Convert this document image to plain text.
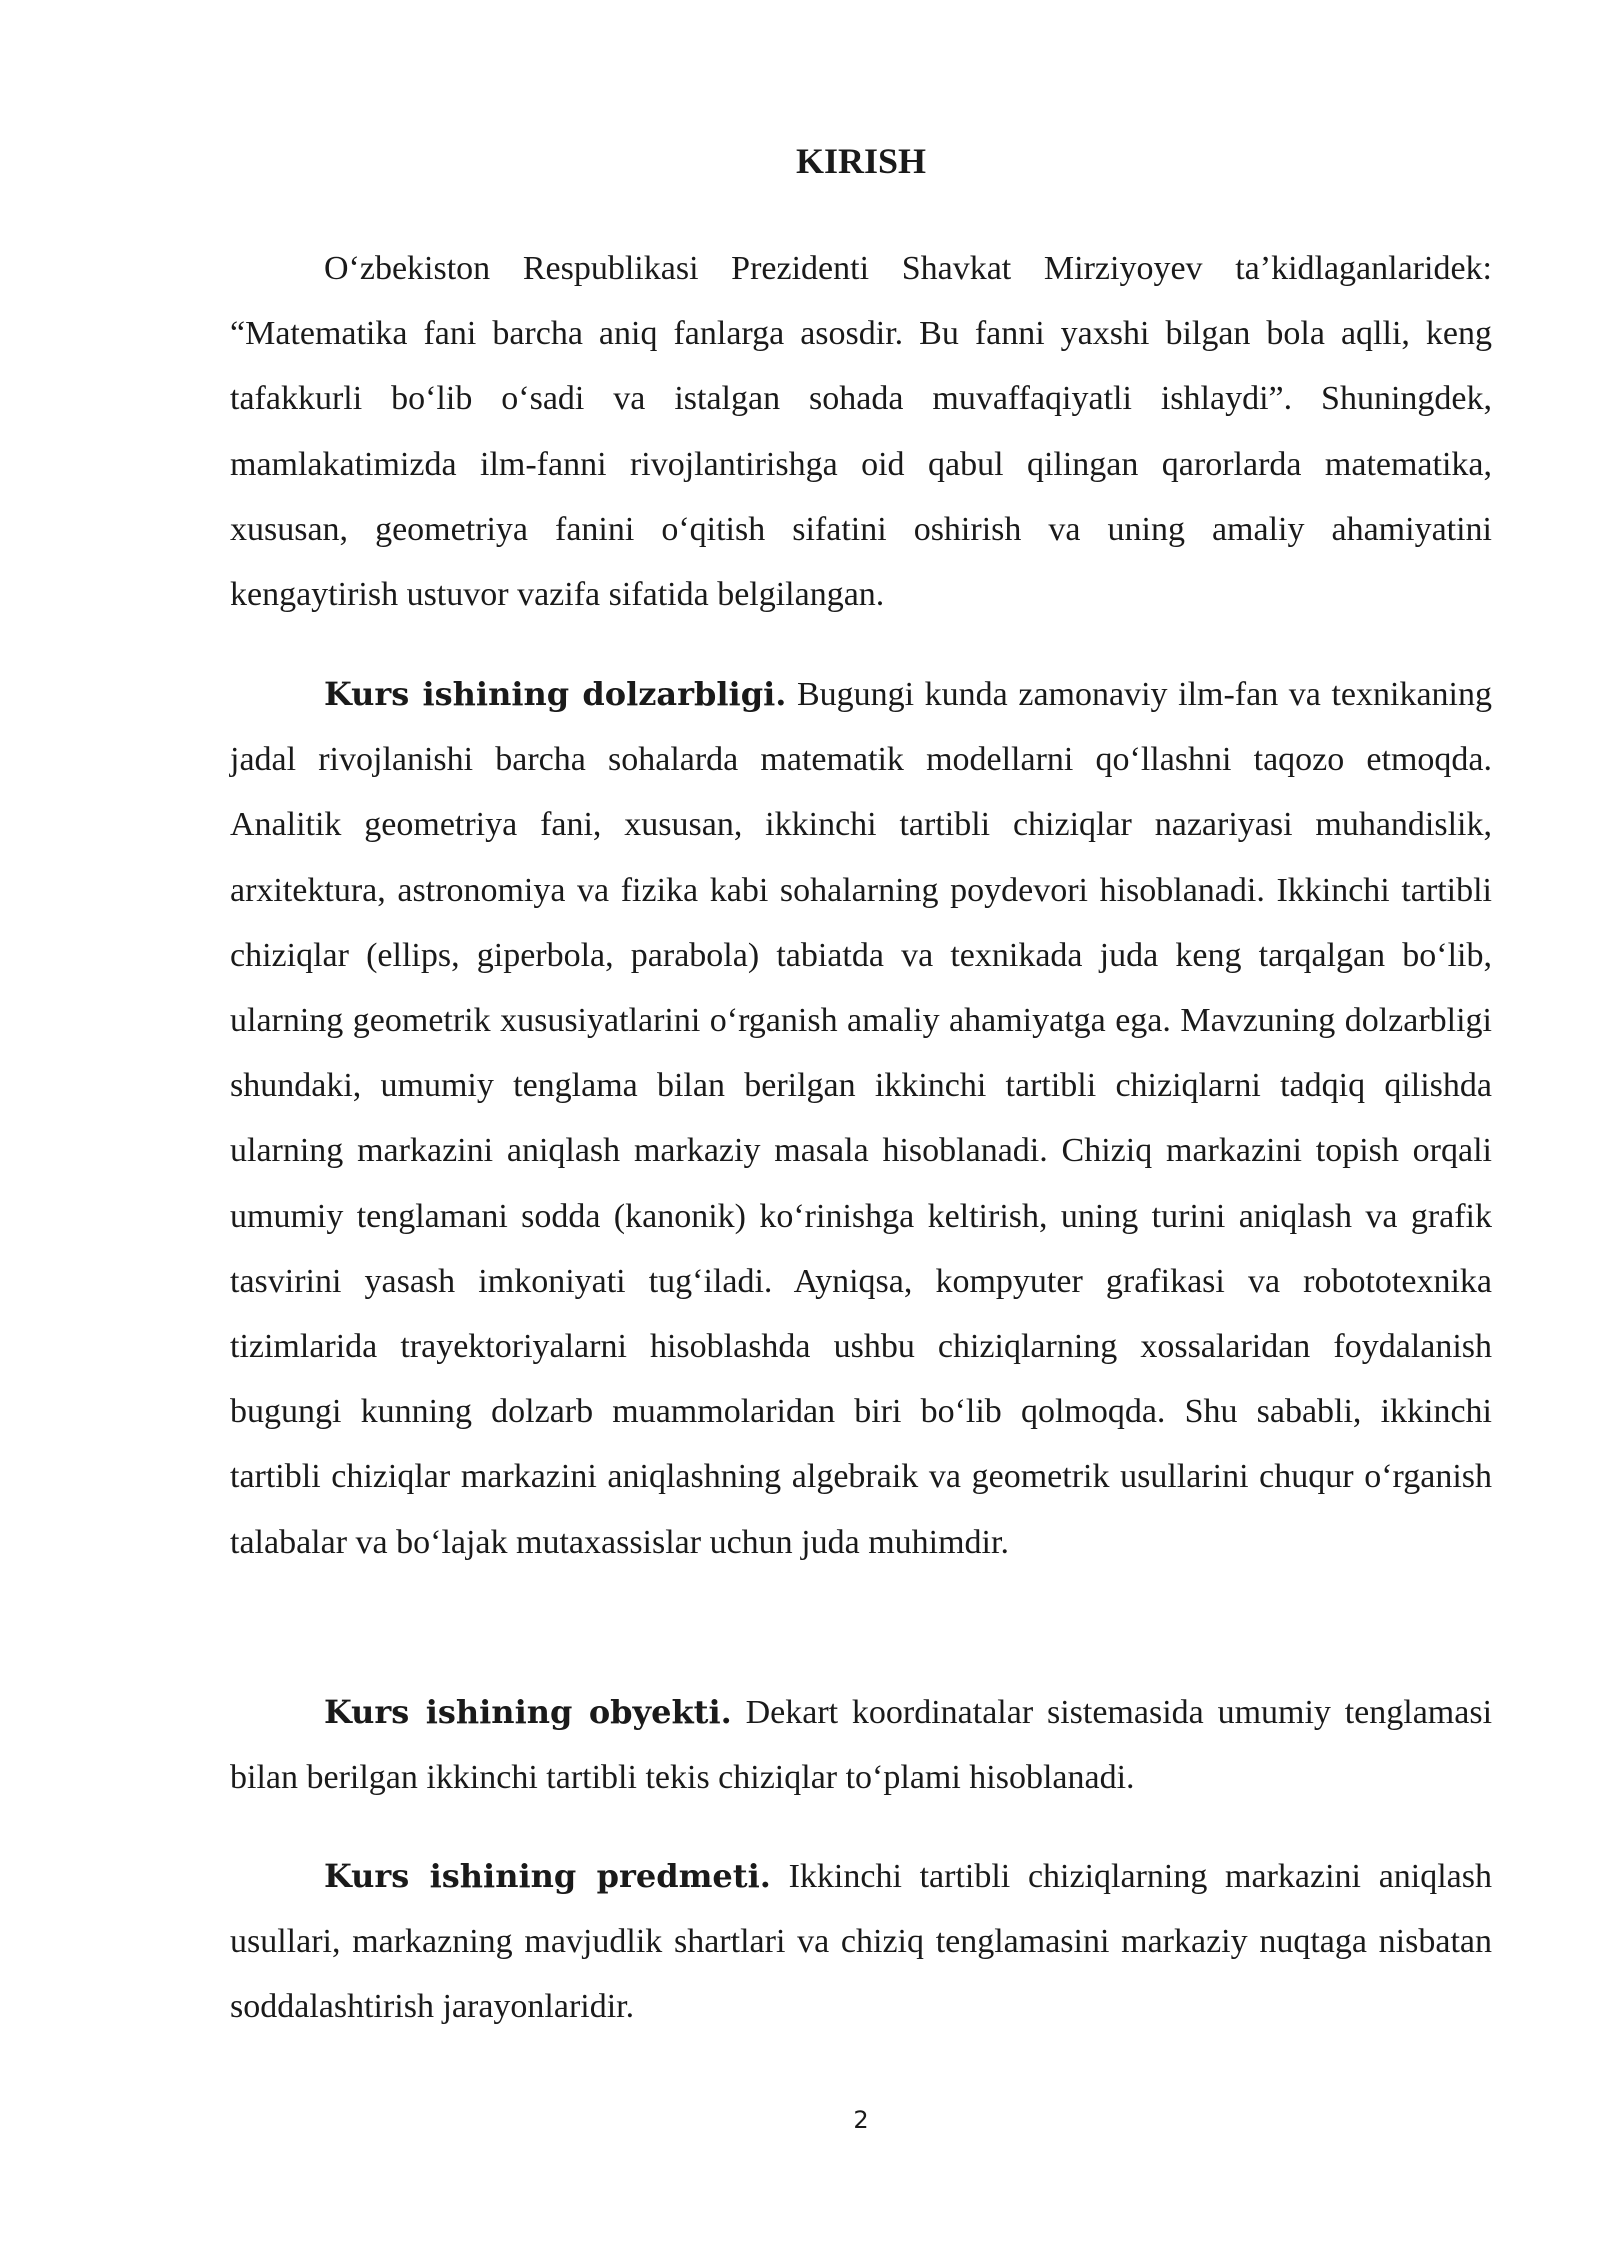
KIRISH

O‘zbekiston Respublikasi Prezidenti Shavkat Mirziyoyev ta’kidlaganlaridek: “Matematika fani barcha aniq fanlarga asosdir. Bu fanni yaxshi bilgan bola aqlli, keng tafakkurli bo‘lib o‘sadi va istalgan sohada muvaffaqiyatli ishlaydi”. Shuningdek, mamlakatimizda ilm-fanni rivojlantirishga oid qabul qilingan qarorlarda matematika, xususan, geometriya fanini o‘qitish sifatini oshirish va uning amaliy ahamiyatini kengaytirish ustuvor vazifa sifatida belgilangan.

Kurs ishining dolzarbligi. Bugungi kunda zamonaviy ilm-fan va texnikaning jadal rivojlanishi barcha sohalarda matematik modellarni qo‘llashni taqozo etmoqda. Analitik geometriya fani, xususan, ikkinchi tartibli chiziqlar nazariyasi muhandislik, arxitektura, astronomiya va fizika kabi sohalarning poydevori hisoblanadi. Ikkinchi tartibli chiziqlar (ellips, giperbola, parabola) tabiatda va texnikada juda keng tarqalgan bo‘lib, ularning geometrik xususiyatlarini o‘rganish amaliy ahamiyatga ega. Mavzuning dolzarbligi shundaki, umumiy tenglama bilan berilgan ikkinchi tartibli chiziqlarni tadqiq qilishda ularning markazini aniqlash markaziy masala hisoblanadi. Chiziq markazini topish orqali umumiy tenglamani sodda (kanonik) ko‘rinishga keltirish, uning turini aniqlash va grafik tasvirini yasash imkoniyati tug‘iladi. Ayniqsa, kompyuter grafikasi va robototexnika tizimlarida trayektoriyalarni hisoblashda ushbu chiziqlarning xossalaridan foydalanish bugungi kunning dolzarb muammolaridan biri bo‘lib qolmoqda. Shu sababli, ikkinchi tartibli chiziqlar markazini aniqlashning algebraik va geometrik usullarini chuqur o‘rganish talabalar va bo‘lajak mutaxassislar uchun juda muhimdir.

Kurs ishining obyekti. Dekart koordinatalar sistemasida umumiy tenglamasi bilan berilgan ikkinchi tartibli tekis chiziqlar to‘plami hisoblanadi.

Kurs ishining predmeti. Ikkinchi tartibli chiziqlarning markazini aniqlash usullari, markazning mavjudlik shartlari va chiziq tenglamasini markaziy nuqtaga nisbatan soddalashtirish jarayonlaridir.

2
